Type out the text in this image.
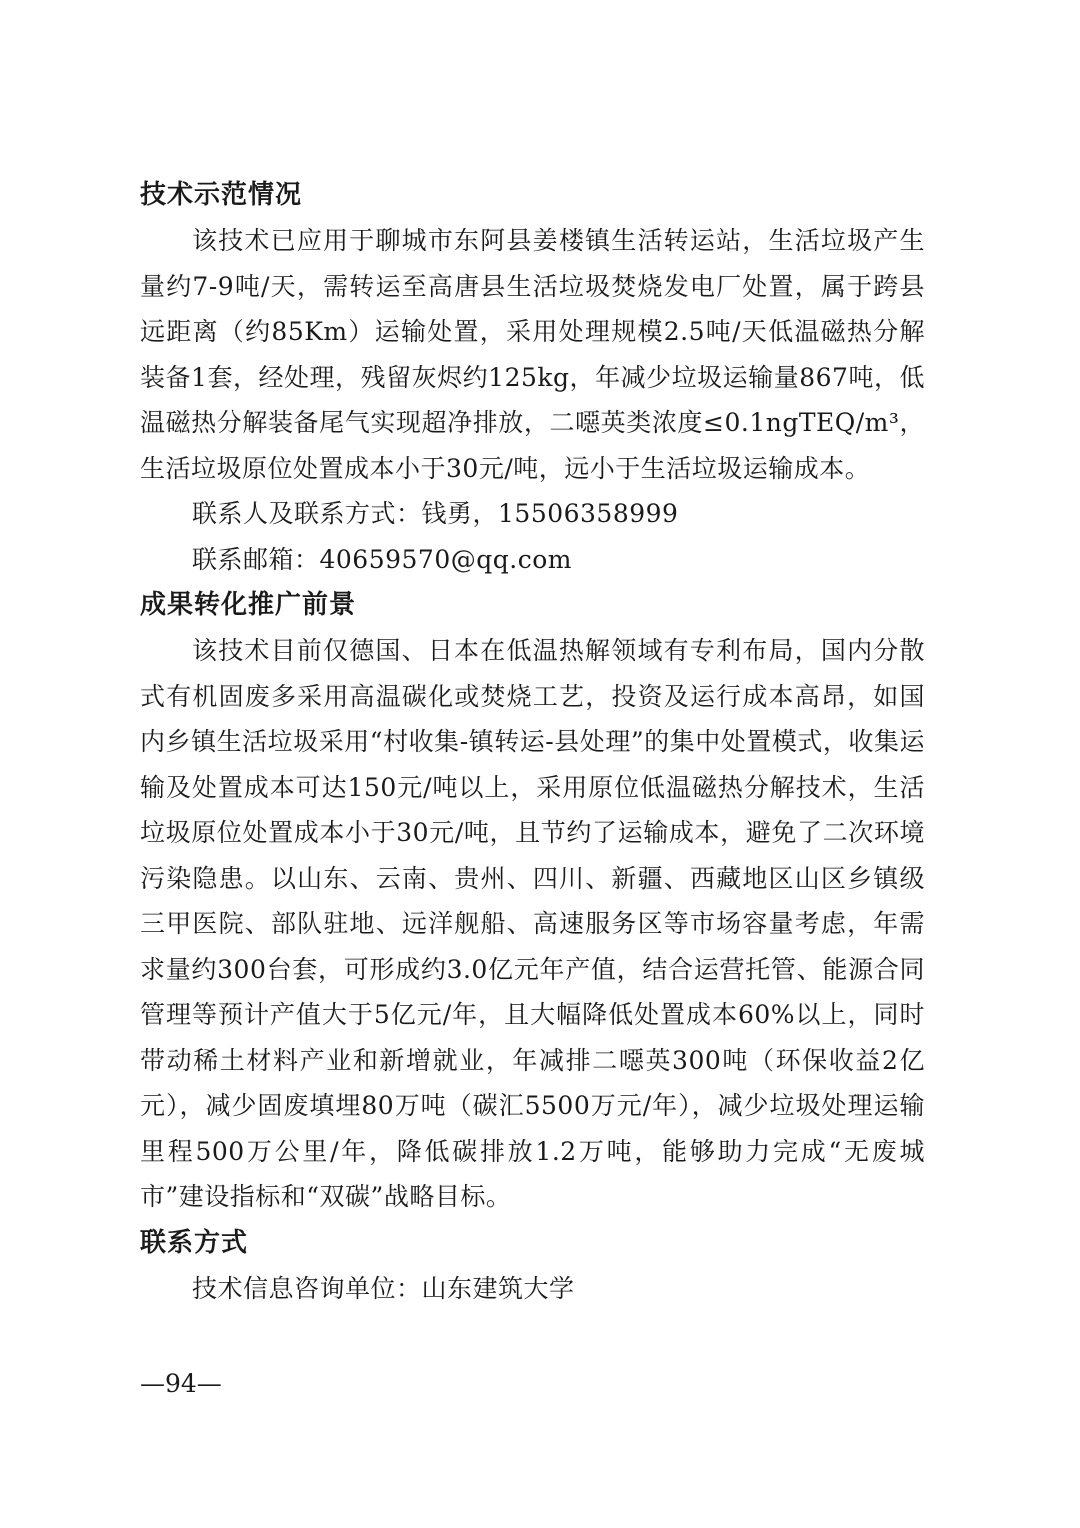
技术示范情况

该技术已应用于聊城市东阿县姜楼镇生活转运站，生活垃圾产生量约7-9吨/天，需转运至高唐县生活垃圾焚烧发电厂处置，属于跨县远距离（约85Km）运输处置，采用处理规模2.5吨/天低温磁热分解装备1套，经处理，残留灰烬约125kg，年减少垃圾运输量867吨，低温磁热分解装备尾气实现超净排放，二噁英类浓度≤0.1ngTEQ/m³，生活垃圾原位处置成本小于30元/吨，远小于生活垃圾运输成本。

联系人及联系方式：钱勇，15506358999

联系邮箱：40659570@qq.com

成果转化推广前景

该技术目前仅德国、日本在低温热解领域有专利布局，国内分散式有机固废多采用高温碳化或焚烧工艺，投资及运行成本高昂，如国内乡镇生活垃圾采用“村收集-镇转运-县处理”的集中处置模式，收集运输及处置成本可达150元/吨以上，采用原位低温磁热分解技术，生活垃圾原位处置成本小于30元/吨，且节约了运输成本，避免了二次环境污染隐患。以山东、云南、贵州、四川、新疆、西藏地区山区乡镇级三甲医院、部队驻地、远洋舰船、高速服务区等市场容量考虑，年需求量约300台套，可形成约3.0亿元年产值，结合运营托管、能源合同管理等预计产值大于5亿元/年，且大幅降低处置成本60%以上，同时带动稀土材料产业和新增就业，年减排二噁英300吨（环保收益2亿元），减少固废填埋80万吨（碳汇5500万元/年），减少垃圾处理运输里程500万公里/年，降低碳排放1.2万吨，能够助力完成“无废城市”建设指标和“双碳”战略目标。

联系方式

技术信息咨询单位：山东建筑大学

—94—
